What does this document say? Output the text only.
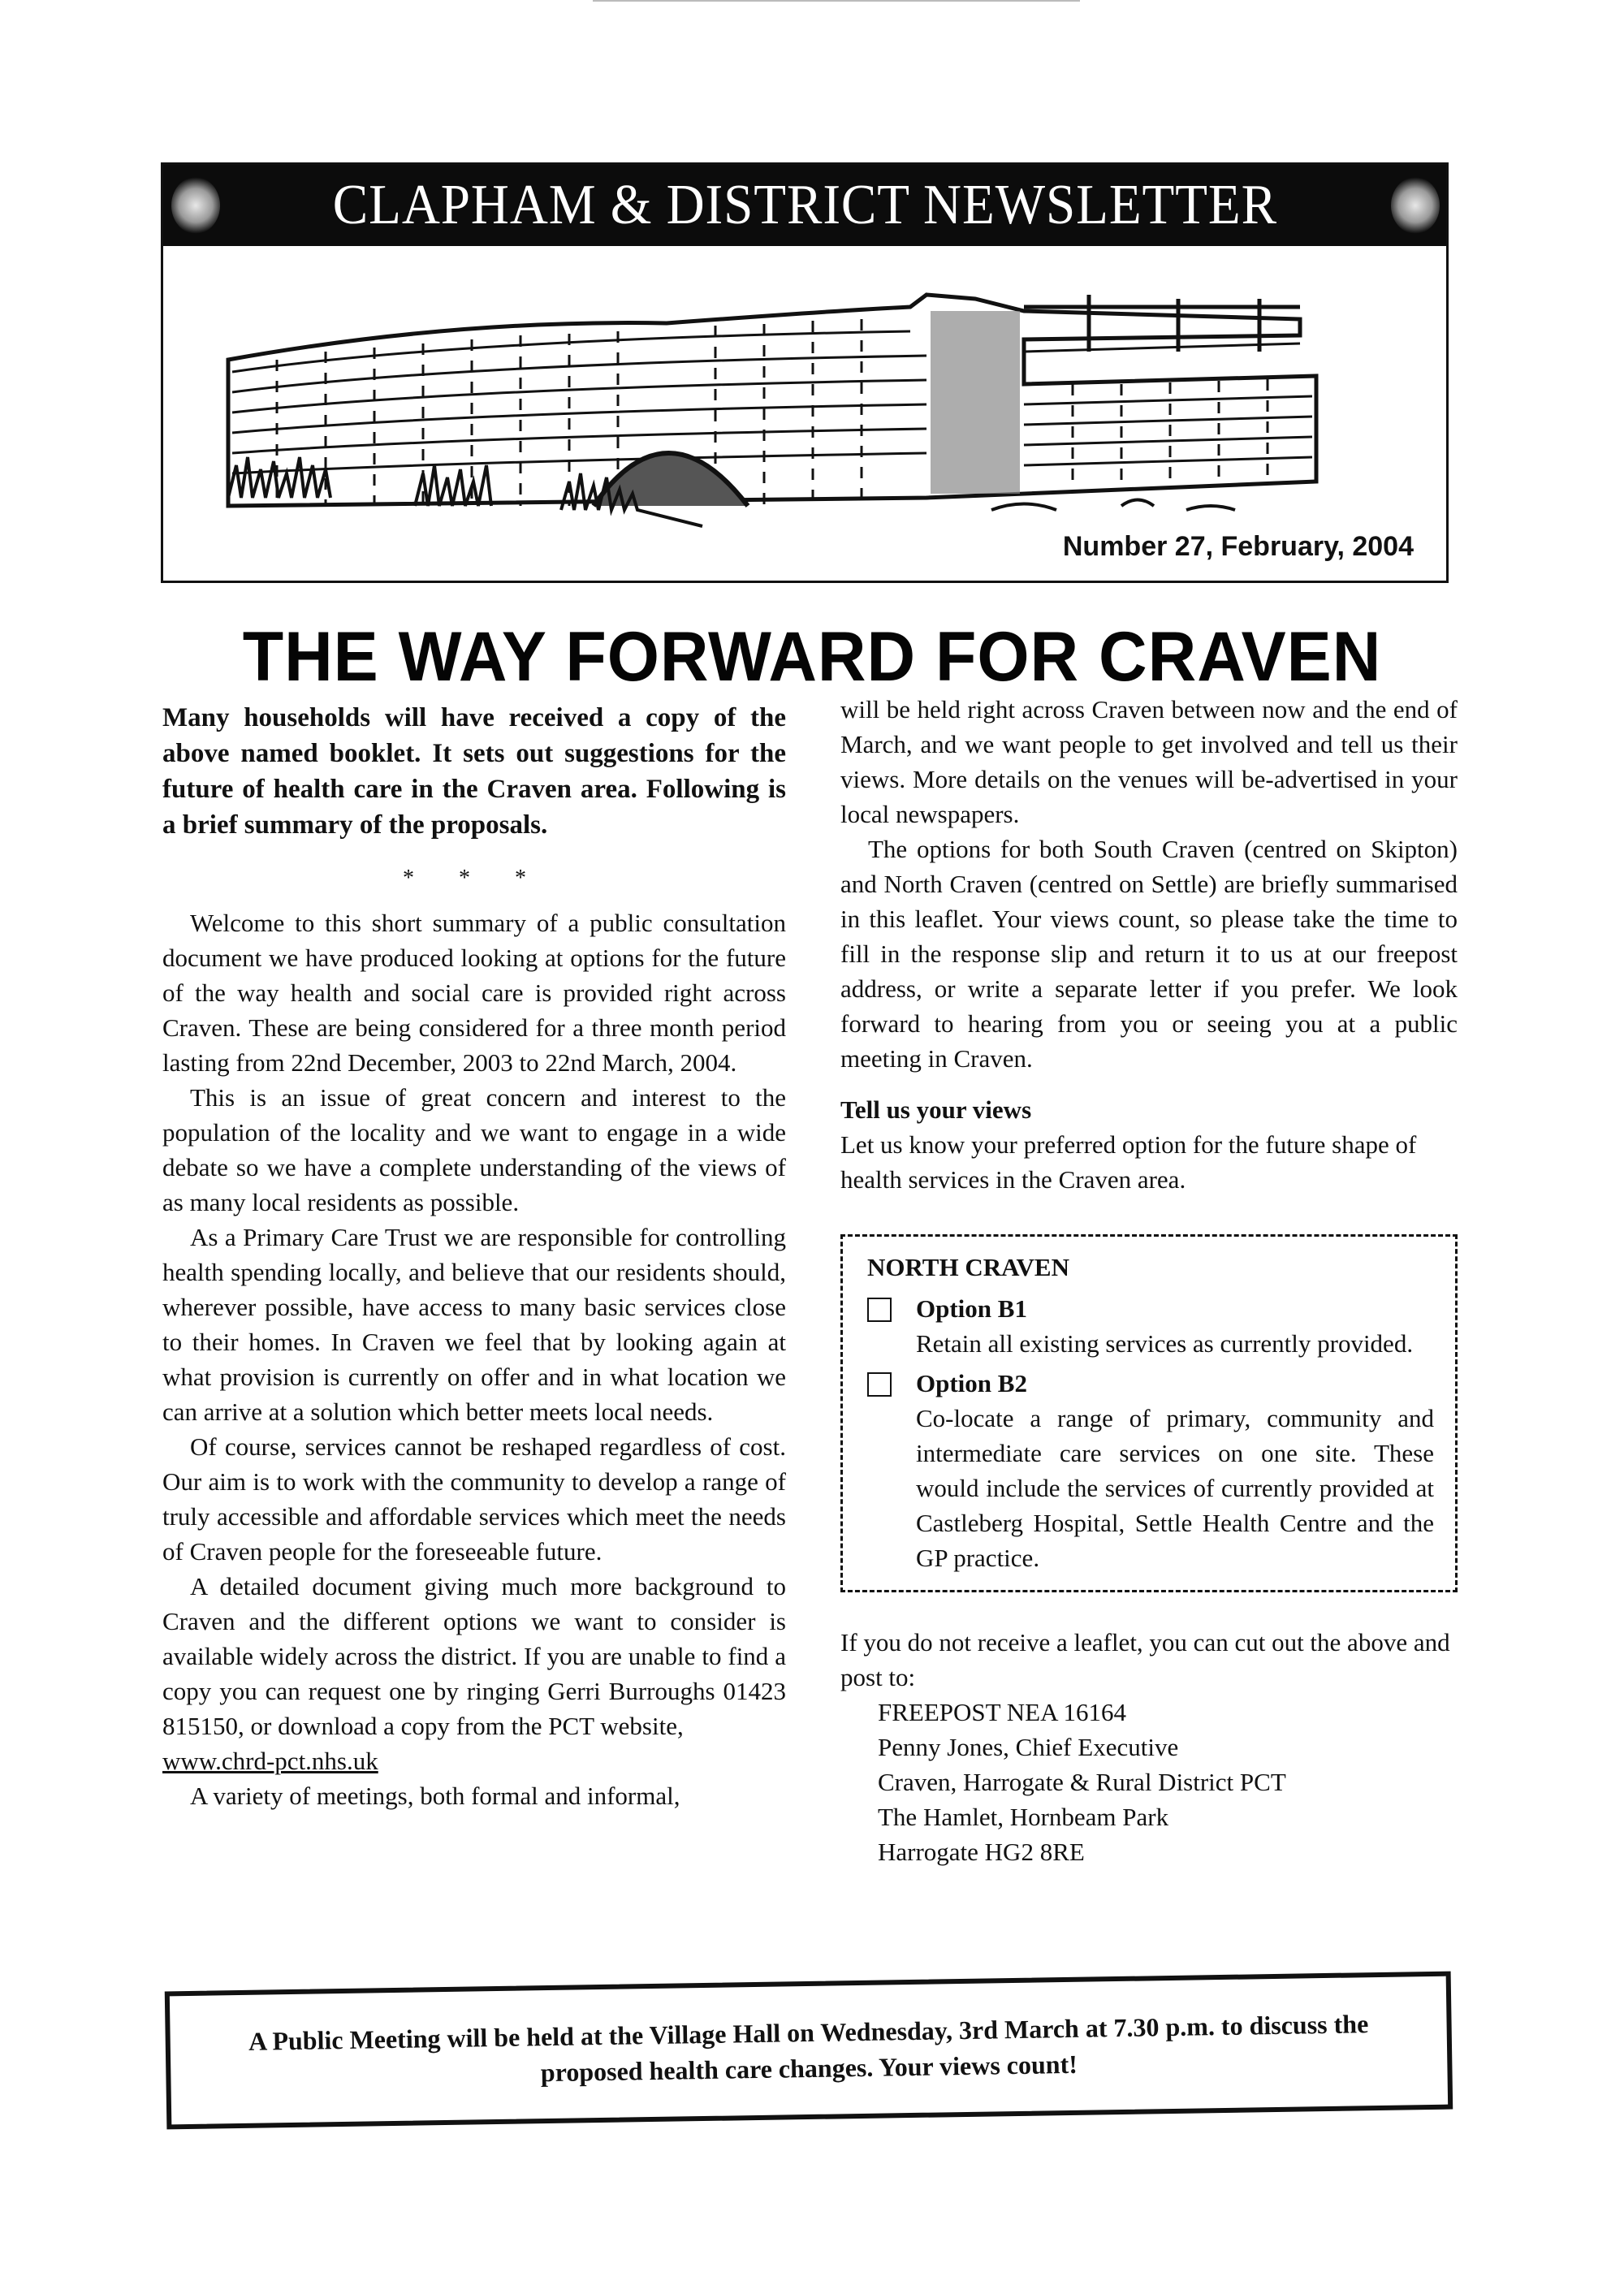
CLAPHAM & DISTRICT NEWSLETTER
Number 27, February, 2004
THE WAY FORWARD FOR CRAVEN

Many households will have received a copy of the above named booklet. It sets out suggestions for the future of health care in the Craven area. Following is a brief summary of the proposals.

* * *

Welcome to this short summary of a public consultation document we have produced looking at options for the future of the way health and social care is provided right across Craven. These are being considered for a three month period lasting from 22nd December, 2003 to 22nd March, 2004.

This is an issue of great concern and interest to the population of the locality and we want to engage in a wide debate so we have a complete understanding of the views of as many local residents as possible.

As a Primary Care Trust we are responsible for controlling health spending locally, and believe that our residents should, wherever possible, have access to many basic services close to their homes. In Craven we feel that by looking again at what provision is currently on offer and in what location we can arrive at a solution which better meets local needs.

Of course, services cannot be reshaped regardless of cost. Our aim is to work with the community to develop a range of truly accessible and affordable services which meet the needs of Craven people for the foreseeable future.

A detailed document giving much more background to Craven and the different options we want to consider is available widely across the district. If you are unable to find a copy you can request one by ringing Gerri Burroughs 01423 815150, or download a copy from the PCT website,

www.chrd-pct.nhs.uk

A variety of meetings, both formal and informal,

will be held right across Craven between now and the end of March, and we want people to get involved and tell us their views. More details on the venues will be-advertised in your local newspapers.

The options for both South Craven (centred on Skipton) and North Craven (centred on Settle) are briefly summarised in this leaflet. Your views count, so please take the time to fill in the response slip and return it to us at our freepost address, or write a separate letter if you prefer. We look forward to hearing from you or seeing you at a public meeting in Craven.

Tell us your views
Let us know your preferred option for the future shape of health services in the Craven area.
NORTH CRAVEN
Option B1
Retain all existing services as currently provided.
Option B2
Co-locate a range of primary, community and intermediate care services on one site. These would include the services of currently provided at Castleberg Hospital, Settle Health Centre and the GP practice.
If you do not receive a leaflet, you can cut out the above and post to:
FREEPOST NEA 16164
Penny Jones, Chief Executive
Craven, Harrogate & Rural District PCT
The Hamlet, Hornbeam Park
Harrogate HG2 8RE
A Public Meeting will be held at the Village Hall on Wednesday, 3rd March at 7.30 p.m. to discuss the proposed health care changes. Your views count!
